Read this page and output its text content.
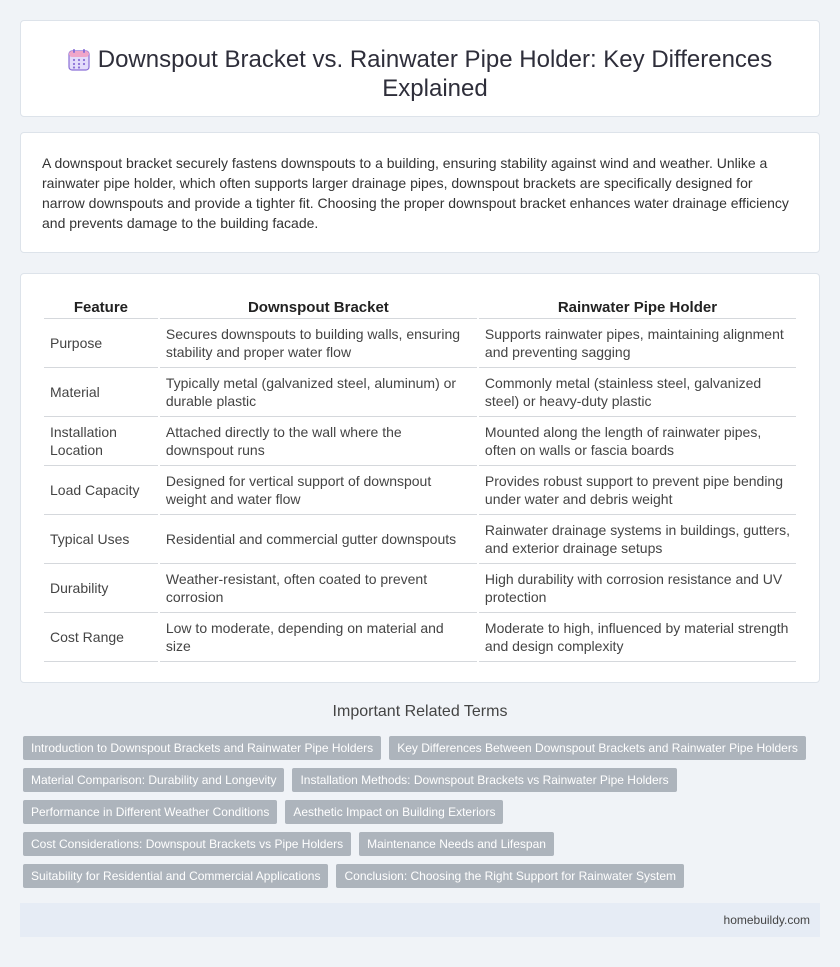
Downspout Bracket vs. Rainwater Pipe Holder: Key Differences Explained

A downspout bracket securely fastens downspouts to a building, ensuring stability against wind and weather. Unlike a rainwater pipe holder, which often supports larger drainage pipes, downspout brackets are specifically designed for narrow downspouts and provide a tighter fit. Choosing the proper downspout bracket enhances water drainage efficiency and prevents damage to the building facade.

Feature	Downspout Bracket	Rainwater Pipe Holder
Purpose	Secures downspouts to building walls, ensuring stability and proper water flow	Supports rainwater pipes, maintaining alignment and preventing sagging
Material	Typically metal (galvanized steel, aluminum) or durable plastic	Commonly metal (stainless steel, galvanized steel) or heavy-duty plastic
Installation Location	Attached directly to the wall where the downspout runs	Mounted along the length of rainwater pipes, often on walls or fascia boards
Load Capacity	Designed for vertical support of downspout weight and water flow	Provides robust support to prevent pipe bending under water and debris weight
Typical Uses	Residential and commercial gutter downspouts	Rainwater drainage systems in buildings, gutters, and exterior drainage setups
Durability	Weather-resistant, often coated to prevent corrosion	High durability with corrosion resistance and UV protection
Cost Range	Low to moderate, depending on material and size	Moderate to high, influenced by material strength and design complexity
Important Related Terms
Introduction to Downspout Brackets and Rainwater Pipe Holders	Key Differences Between Downspout Brackets and Rainwater Pipe Holders
Material Comparison: Durability and Longevity	Installation Methods: Downspout Brackets vs Rainwater Pipe Holders
Performance in Different Weather Conditions	Aesthetic Impact on Building Exteriors
Cost Considerations: Downspout Brackets vs Pipe Holders	Maintenance Needs and Lifespan
Suitability for Residential and Commercial Applications	Conclusion: Choosing the Right Support for Rainwater System
homebuildy.com
